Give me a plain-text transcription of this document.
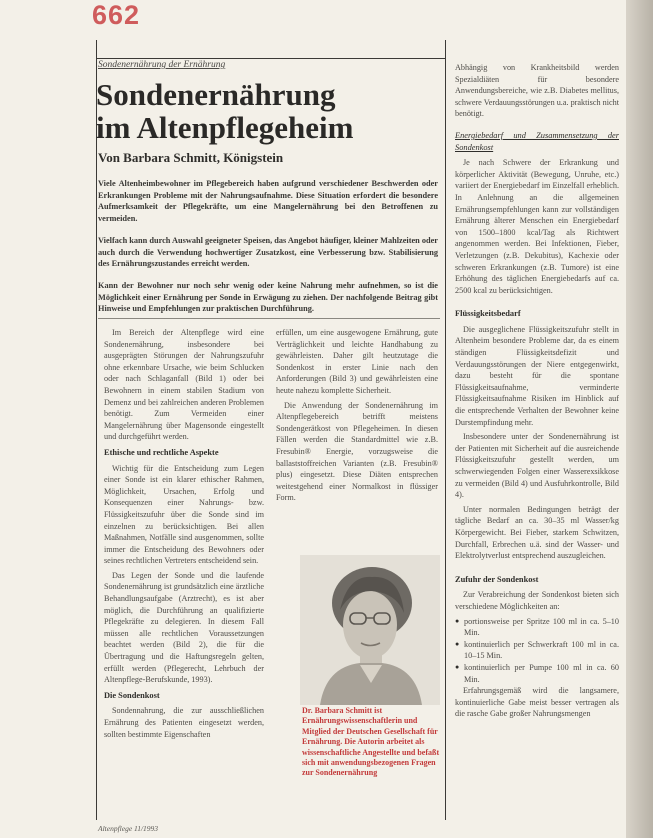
662
Sondenernährung der Ernährung
Sondenernährung
im Altenpflegeheim
Von Barbara Schmitt, Königstein
Viele Altenheimbewohner im Pflegebereich haben aufgrund verschiedener Beschwerden oder Erkrankungen Probleme mit der Nahrungsaufnahme. Diese Situation erfordert die besondere Aufmerksamkeit der Pflegekräfte, um eine Mangelernährung bei den Betroffenen zu vermeiden.
Vielfach kann durch Auswahl geeigneter Speisen, das Angebot häufiger, kleiner Mahlzeiten oder auch durch die Verwendung hochwertiger Zusatzkost, eine Verbesserung bzw. Stabilisierung des Ernährungszustandes erreicht werden.
Kann der Bewohner nur noch sehr wenig oder keine Nahrung mehr aufnehmen, so ist die Möglichkeit einer Ernährung per Sonde in Erwägung zu ziehen. Der nachfolgende Beitrag gibt Hinweise und Empfehlungen zur praktischen Durchführung.

Im Bereich der Altenpflege wird eine Sondenernährung, insbesondere bei ausgeprägten Störungen der Nahrungszufuhr ohne erkennbare Ursache, wie beim Schlucken oder nach Schlaganfall (Bild 1) oder bei Bewohnern in einem stabilen Stadium von Demenz und bei zahlreichen anderen Problemen benötigt. Zum Vermeiden einer Mangelernährung über Magensonde eingestellt und durchgeführt werden.

Ethische und rechtliche Aspekte

Wichtig für die Entscheidung zum Legen einer Sonde ist ein klarer ethischer Rahmen, Möglichkeit, Ursachen, Erfolg und Konsequenzen einer Nahrungs- bzw. Flüssigkeitszufuhr über die Sonde sind im einzelnen zu berücksichtigen. Bei allen Maßnahmen, Notfälle sind ausgenommen, sollte immer die Entscheidung des Bewohners oder seines rechtlichen Vertreters entscheidend sein.

Das Legen der Sonde und die laufende Sondenernährung ist grundsätzlich eine ärztliche Behandlungsaufgabe (Arztrecht), es ist aber möglich, die Durchführung an qualifizierte Pflegekräfte zu delegieren. In diesem Fall müssen alle rechtlichen Voraussetzungen beachtet werden (Bild 2), die für die Übertragung und die Haftungsregeln gelten, erfüllt werden (Pflegerecht, Lehrbuch der Altenpflege-Berufskunde, 1993).

Die Sondenkost

Sondennahrung, die zur ausschließlichen Ernährung des Patienten eingesetzt werden, sollten bestimmte Eigenschaften

erfüllen, um eine ausgewogene Ernährung, gute Verträglichkeit und leichte Handhabung zu gewährleisten. Daher gilt heutzutage die Sondenkost in erster Linie nach den Anforderungen (Bild 3) und gewährleisten eine heute nahezu komplette Sicherheit.

Die Anwendung der Sondenernährung im Altenpflegebereich betrifft meistens Sondengerätkost von Pflegeheimen. In diesen Fällen werden die Standardmittel wie z.B. Fresubin® Energie, vorzugsweise die ballaststoffreichen Varianten (z.B. Fresubin® plus) eingesetzt. Diese Diäten entsprechen weitestgehend einer Normalkost in flüssiger Form.

Dr. Barbara Schmitt ist Ernährungswissenschaftlerin und Mitglied der Deutschen Gesellschaft für Ernährung. Die Autorin arbeitet als wissenschaftliche Angestellte und befaßt sich mit anwendungsbezogenen Fragen zur Sondenernährung

Abhängig von Krankheitsbild werden Spezialdiäten für besondere Anwendungsbereiche, wie z.B. Diabetes mellitus, schwere Verdauungsstörungen u.a. praktisch nicht benötigt.

Energiebedarf und Zusammensetzung der Sondenkost

Je nach Schwere der Erkrankung und körperlicher Aktivität (Bewegung, Unruhe, etc.) variiert der Energiebedarf im Einzelfall erheblich. In Anlehnung an die allgemeinen Ernährungsempfehlungen kann zur vollständigen Ernährung älterer Menschen ein Energiebedarf von 1500–1800 kcal/Tag als Richtwert angenommen werden. Bei Infektionen, Fieber, Verletzungen (z.B. Dekubitus), Kachexie oder schweren Erkrankungen (z.B. Tumore) ist eine Erhöhung des täglichen Energiebedarfs auf ca. 2500 kcal zu berücksichtigen.

Flüssigkeitsbedarf

Die ausgeglichene Flüssigkeitszufuhr stellt in Altenheim besondere Probleme dar, da es einem ständigen Flüssigkeitsdefizit und Verdauungsstörungen der Niere entgegenwirkt, dazu besteht für die spontane Flüssigkeitsaufnahme, verminderte Flüssigkeitsaufnahme Risiken im Hinblick auf die entsprechende Verhalten der Bewohner keine Durstempfindung mehr.

Insbesondere unter der Sondenernährung ist der Patienten mit Sicherheit auf die ausreichende Flüssigkeitszufuhr gestellt werden, um schwerwiegenden Folgen einer Wasserexsikkose zu vermeiden (Bild 4) und Ausfuhrkontrolle, Bild 4).

Unter normalen Bedingungen beträgt der tägliche Bedarf an ca. 30–35 ml Wasser/kg Körpergewicht. Bei Fieber, starkem Schwitzen, Durchfall, Erbrechen u.ä. sind der Wasser- und Elektrolytverlust entsprechend auszugleichen.

Zufuhr der Sondenkost

Zur Verabreichung der Sondenkost bieten sich verschiedene Möglichkeiten an:

● portionsweise per Spritze 100 ml in ca. 5–10 Min.
● kontinuierlich per Schwerkraft 100 ml in ca. 10–15 Min.
● kontinuierlich per Pumpe 100 ml in ca. 60 Min.

Erfahrungsgemäß wird die langsamere, kontinuierliche Gabe meist besser vertragen als die rasche Gabe großer Nahrungsmengen

Altenpflege 11/1993
